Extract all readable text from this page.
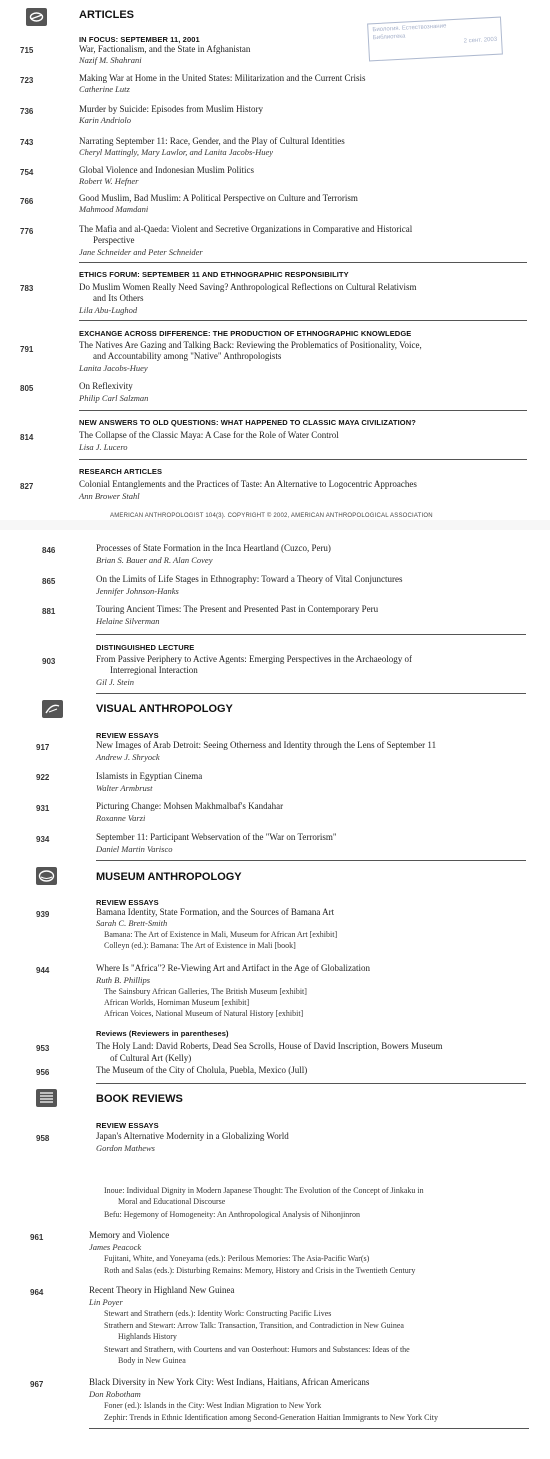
ARTICLES
Биология. Естествознание
Библиотека	2 сент. 2003
IN FOCUS: SEPTEMBER 11, 2001
715	War, Factionalism, and the State in Afghanistan
Nazif M. Shahrani
723	Making War at Home in the United States: Militarization and the Current Crisis
Catherine Lutz
736	Murder by Suicide: Episodes from Muslim History
Karin Andriolo
743	Narrating September 11: Race, Gender, and the Play of Cultural Identities
Cheryl Mattingly, Mary Lawlor, and Lanita Jacobs-Huey
754	Global Violence and Indonesian Muslim Politics
Robert W. Hefner
766	Good Muslim, Bad Muslim: A Political Perspective on Culture and Terrorism
Mahmood Mamdani
776	The Mafia and al-Qaeda: Violent and Secretive Organizations in Comparative and Historical
Perspective
Jane Schneider and Peter Schneider
ETHICS FORUM: SEPTEMBER 11 AND ETHNOGRAPHIC RESPONSIBILITY
783	Do Muslim Women Really Need Saving? Anthropological Reflections on Cultural Relativism
and Its Others
Lila Abu-Lughod
EXCHANGE ACROSS DIFFERENCE: THE PRODUCTION OF ETHNOGRAPHIC KNOWLEDGE
791	The Natives Are Gazing and Talking Back: Reviewing the Problematics of Positionality, Voice,
and Accountability among "Native" Anthropologists
Lanita Jacobs-Huey
805	On Reflexivity
Philip Carl Salzman
NEW ANSWERS TO OLD QUESTIONS: WHAT HAPPENED TO CLASSIC MAYA CIVILIZATION?
814	The Collapse of the Classic Maya: A Case for the Role of Water Control
Lisa J. Lucero
RESEARCH ARTICLES
827	Colonial Entanglements and the Practices of Taste: An Alternative to Logocentric Approaches
Ann Brower Stahl
AMERICAN ANTHROPOLOGIST 104(3). COPYRIGHT © 2002, AMERICAN ANTHROPOLOGICAL ASSOCIATION
846	Processes of State Formation in the Inca Heartland (Cuzco, Peru)
Brian S. Bauer and R. Alan Covey
865	On the Limits of Life Stages in Ethnography: Toward a Theory of Vital Conjunctures
Jennifer Johnson-Hanks
881	Touring Ancient Times: The Present and Presented Past in Contemporary Peru
Helaine Silverman
DISTINGUISHED LECTURE
903	From Passive Periphery to Active Agents: Emerging Perspectives in the Archaeology of
Interregional Interaction
Gil J. Stein
VISUAL ANTHROPOLOGY
REVIEW ESSAYS
917	New Images of Arab Detroit: Seeing Otherness and Identity through the Lens of September 11
Andrew J. Shryock
922	Islamists in Egyptian Cinema
Walter Armbrust
931	Picturing Change: Mohsen Makhmalbaf's Kandahar
Roxanne Varzi
934	September 11: Participant Webservation of the "War on Terrorism"
Daniel Martin Varisco
MUSEUM ANTHROPOLOGY
REVIEW ESSAYS
939	Bamana Identity, State Formation, and the Sources of Bamana Art
Sarah C. Brett-Smith
Bamana: The Art of Existence in Mali, Museum for African Art [exhibit]
Colleyn (ed.): Bamana: The Art of Existence in Mali [book]
944	Where Is "Africa"? Re-Viewing Art and Artifact in the Age of Globalization
Ruth B. Phillips
The Sainsbury African Galleries, The British Museum [exhibit]
African Worlds, Horniman Museum [exhibit]
African Voices, National Museum of Natural History [exhibit]
Reviews (Reviewers in parentheses)
953	The Holy Land: David Roberts, Dead Sea Scrolls, House of David Inscription, Bowers Museum
of Cultural Art (Kelly)
956	The Museum of the City of Cholula, Puebla, Mexico (Jull)
BOOK REVIEWS
REVIEW ESSAYS
958	Japan's Alternative Modernity in a Globalizing World
Gordon Mathews
Inoue: Individual Dignity in Modern Japanese Thought: The Evolution of the Concept of Jinkaku in
Moral and Educational Discourse
Befu: Hegemony of Homogeneity: An Anthropological Analysis of Nihonjinron
961	Memory and Violence
James Peacock
Fujitani, White, and Yoneyama (eds.): Perilous Memories: The Asia-Pacific War(s)
Roth and Salas (eds.): Disturbing Remains: Memory, History and Crisis in the Twentieth Century
964	Recent Theory in Highland New Guinea
Lin Poyer
Stewart and Strathern (eds.): Identity Work: Constructing Pacific Lives
Strathern and Stewart: Arrow Talk: Transaction, Transition, and Contradiction in New Guinea
Highlands History
Stewart and Strathern, with Courtens and van Oosterhout: Humors and Substances: Ideas of the
Body in New Guinea
967	Black Diversity in New York City: West Indians, Haitians, African Americans
Don Robotham
Foner (ed.): Islands in the City: West Indian Migration to New York
Zephir: Trends in Ethnic Identification among Second-Generation Haitian Immigrants to New York City
